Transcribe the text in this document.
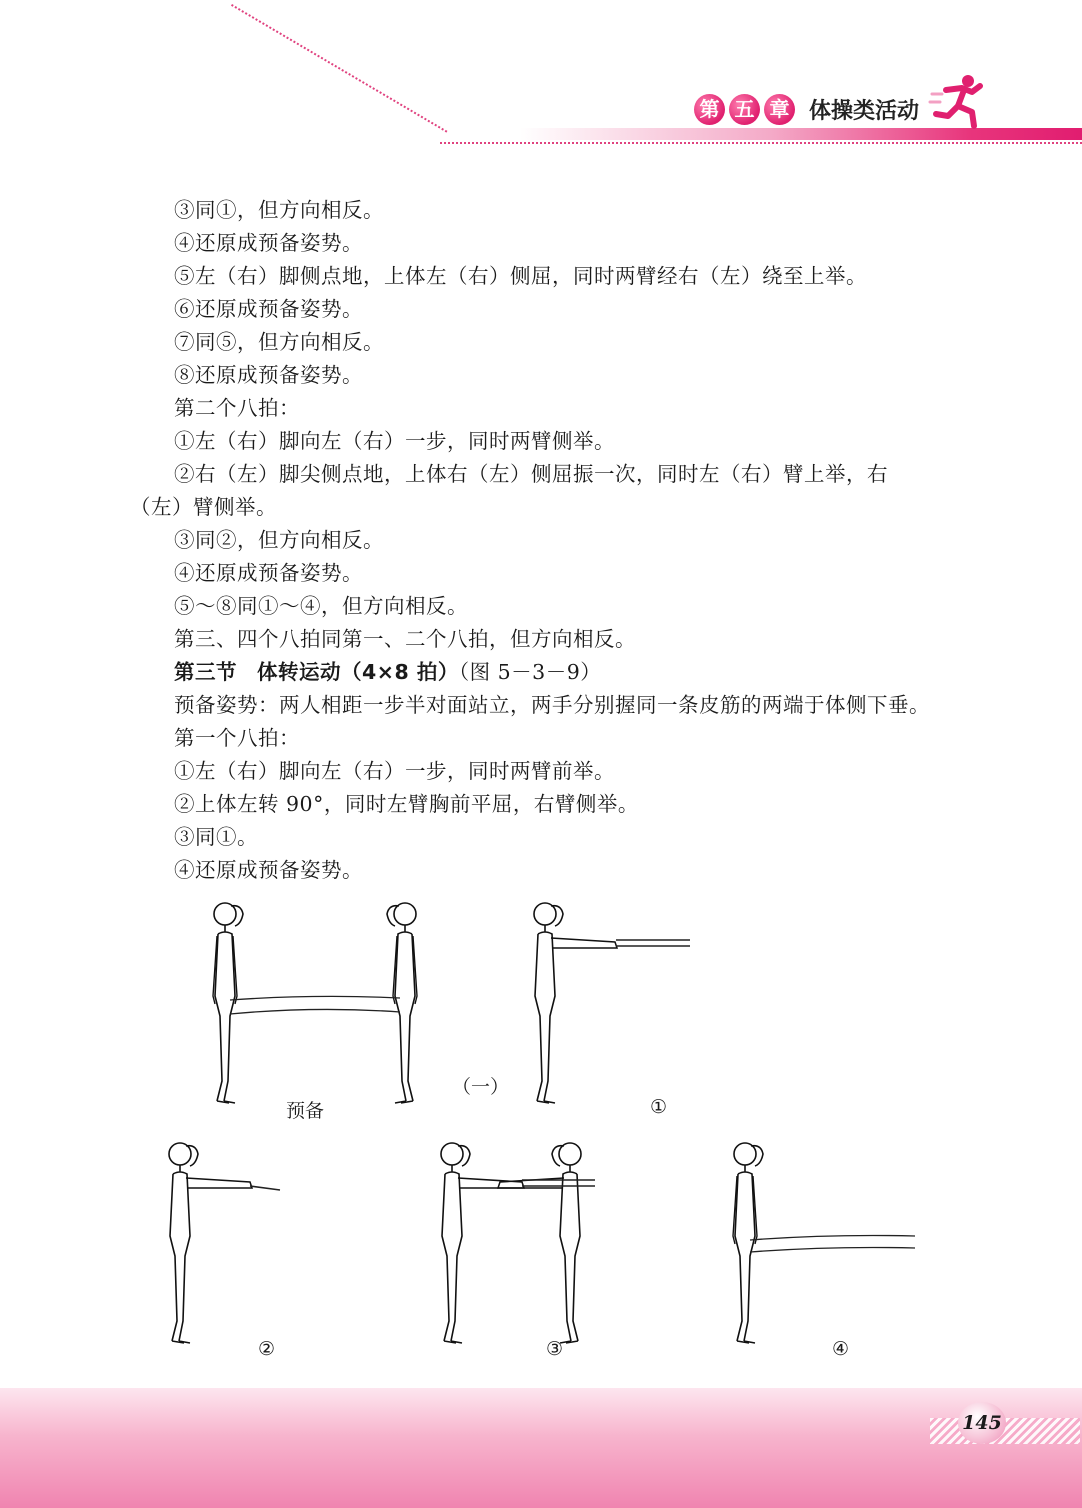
第 五 章 体操类活动
③同①，但方向相反。
④还原成预备姿势。
⑤左（右）脚侧点地，上体左（右）侧屈，同时两臂经右（左）绕至上举。
⑥还原成预备姿势。
⑦同⑤，但方向相反。
⑧还原成预备姿势。
第二个八拍：
①左（右）脚向左（右）一步，同时两臂侧举。
②右（左）脚尖侧点地，上体右（左）侧屈振一次，同时左（右）臂上举，右
（左）臂侧举。
③同②，但方向相反。
④还原成预备姿势。
⑤～⑧同①～④，但方向相反。
第三、四个八拍同第一、二个八拍，但方向相反。
第三节 体转运动（4×8 拍）（图 5－3－9）
预备姿势：两人相距一步半对面站立，两手分别握同一条皮筋的两端于体侧下垂。
第一个八拍：
①左（右）脚向左（右）一步，同时两臂前举。
②上体左转 90°，同时左臂胸前平屈，右臂侧举。
③同①。
④还原成预备姿势。
（一）
预备	①
②	③	④
145
